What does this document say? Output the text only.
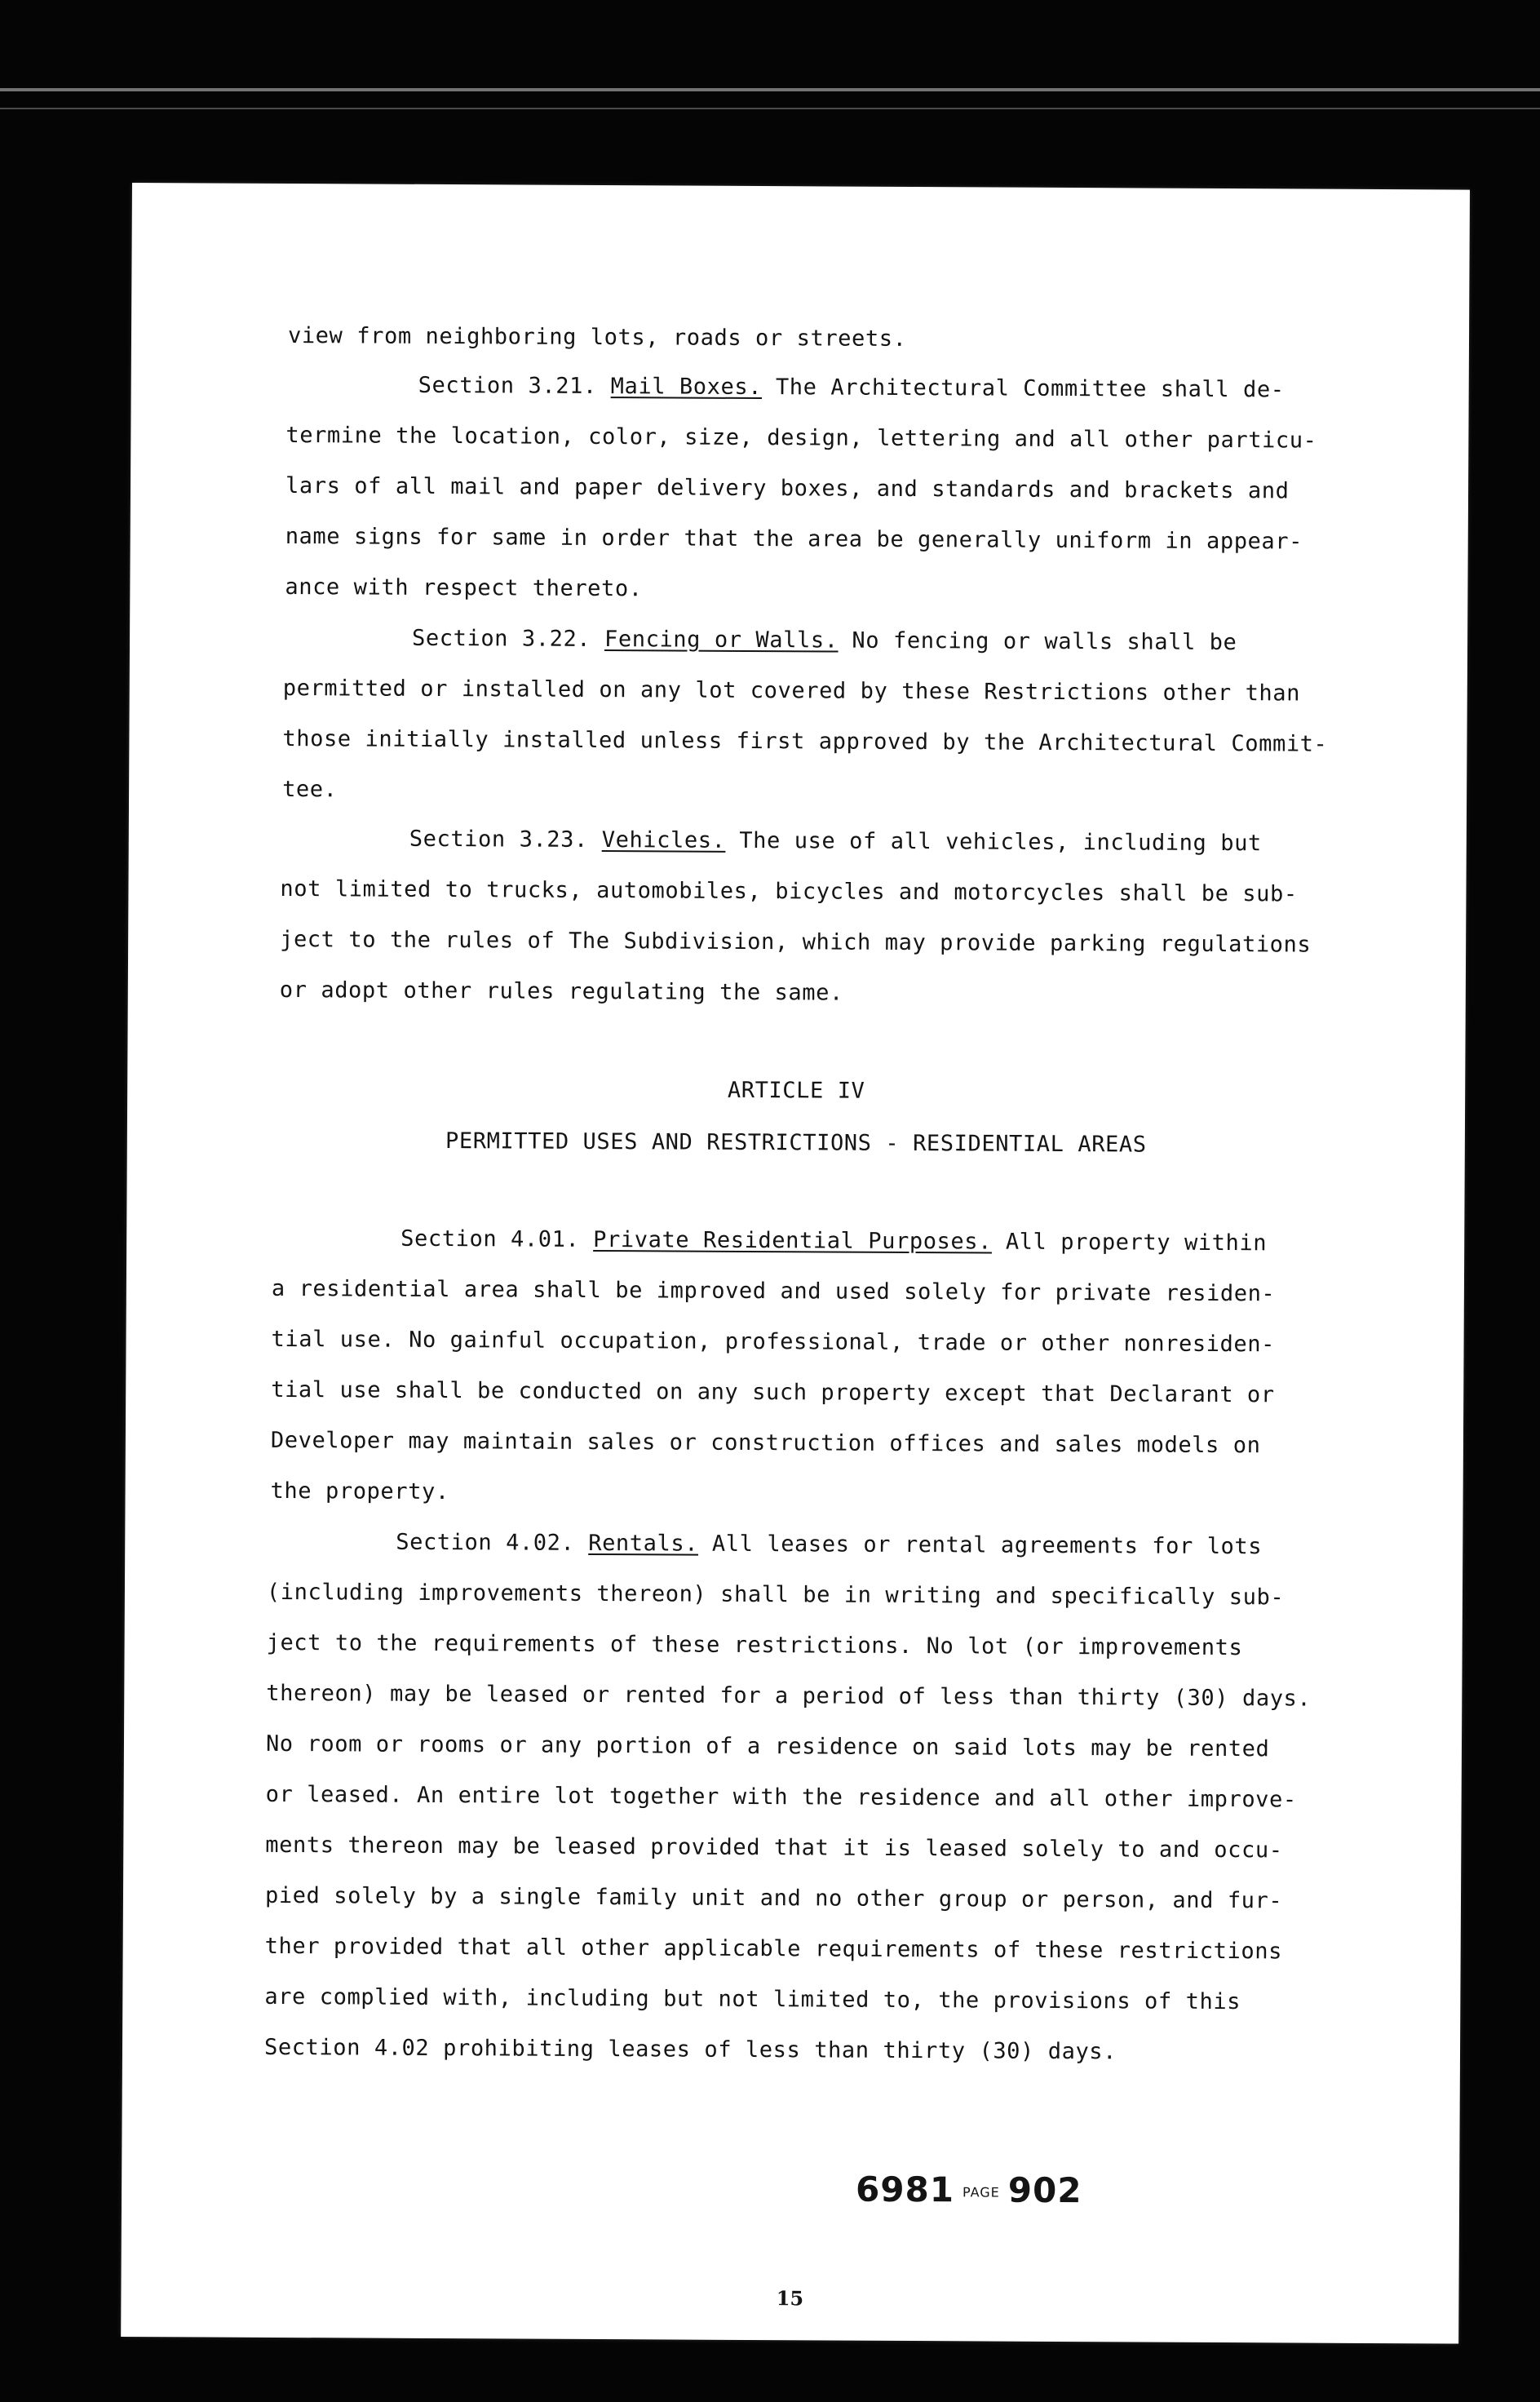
view from neighboring lots, roads or streets.
Section 3.21. Mail Boxes. The Architectural Committee shall de-
termine the location, color, size, design, lettering and all other particu-
lars of all mail and paper delivery boxes, and standards and brackets and
name signs for same in order that the area be generally uniform in appear-
ance with respect thereto.
Section 3.22. Fencing or Walls. No fencing or walls shall be
permitted or installed on any lot covered by these Restrictions other than
those initially installed unless first approved by the Architectural Commit-
tee.
Section 3.23. Vehicles. The use of all vehicles, including but
not limited to trucks, automobiles, bicycles and motorcycles shall be sub-
ject to the rules of The Subdivision, which may provide parking regulations
or adopt other rules regulating the same.
ARTICLE IV
PERMITTED USES AND RESTRICTIONS - RESIDENTIAL AREAS
Section 4.01. Private Residential Purposes. All property within
a residential area shall be improved and used solely for private residen-
tial use. No gainful occupation, professional, trade or other nonresiden-
tial use shall be conducted on any such property except that Declarant or
Developer may maintain sales or construction offices and sales models on
the property.
Section 4.02. Rentals. All leases or rental agreements for lots
(including improvements thereon) shall be in writing and specifically sub-
ject to the requirements of these restrictions. No lot (or improvements
thereon) may be leased or rented for a period of less than thirty (30) days.
No room or rooms or any portion of a residence on said lots may be rented
or leased. An entire lot together with the residence and all other improve-
ments thereon may be leased provided that it is leased solely to and occu-
pied solely by a single family unit and no other group or person, and fur-
ther provided that all other applicable requirements of these restrictions
are complied with, including but not limited to, the provisions of this
Section 4.02 prohibiting leases of less than thirty (30) days.
6981 PAGE 902
15
